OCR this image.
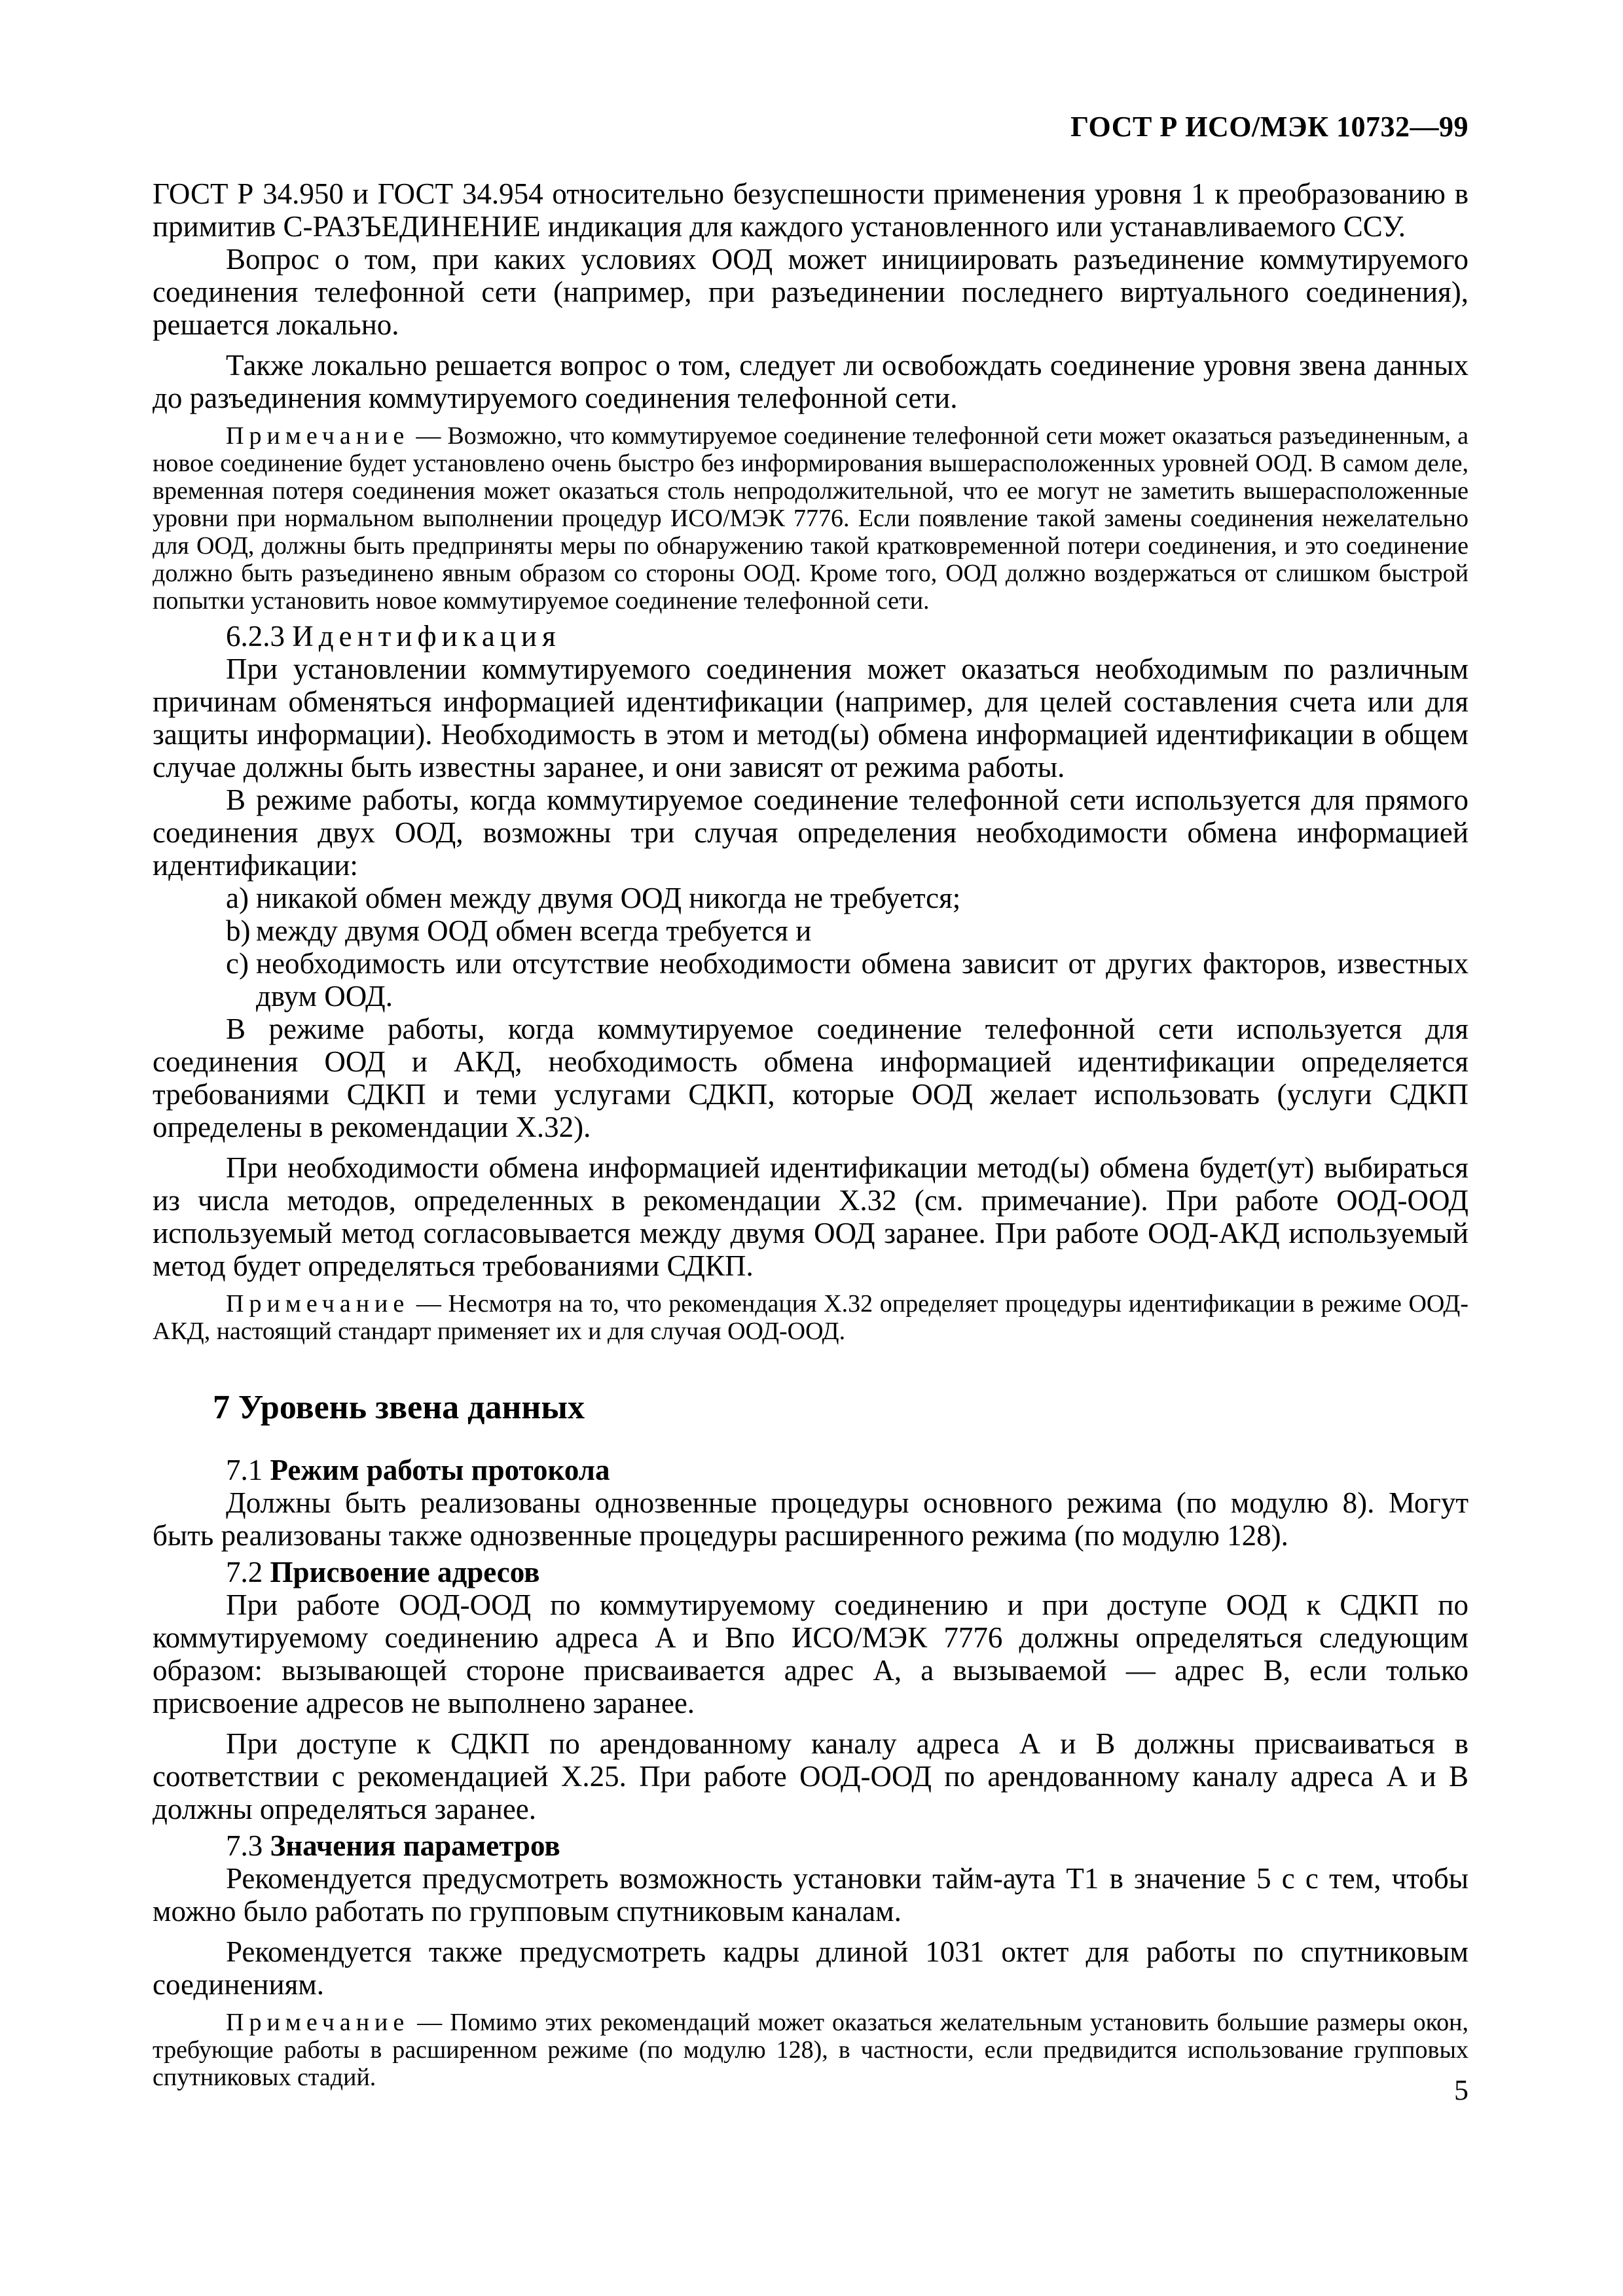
ГОСТ Р ИСО/МЭК 10732—99

ГОСТ Р 34.950 и ГОСТ 34.954 относительно безуспешности применения уровня 1 к преобразованию в примитив С-РАЗЪЕДИНЕНИЕ индикация для каждого установленного или устанавливаемого ССУ.

Вопрос о том, при каких условиях ООД может инициировать разъединение коммутируемого соединения телефонной сети (например, при разъединении последнего виртуального соединения), решается локально.

Также локально решается вопрос о том, следует ли освобождать соединение уровня звена данных до разъединения коммутируемого соединения телефонной сети.

Примечание — Возможно, что коммутируемое соединение телефонной сети может оказаться разъединенным, а новое соединение будет установлено очень быстро без информирования вышерасположенных уровней ООД. В самом деле, временная потеря соединения может оказаться столь непродолжительной, что ее могут не заметить вышерасположенные уровни при нормальном выполнении процедур ИСО/МЭК 7776. Если появление такой замены соединения нежелательно для ООД, должны быть предприняты меры по обнаружению такой кратковременной потери соединения, и это соединение должно быть разъединено явным образом со стороны ООД. Кроме того, ООД должно воздержаться от слишком быстрой попытки установить новое коммутируемое соединение телефонной сети.
6.2.3 Идентификация

При установлении коммутируемого соединения может оказаться необходимым по различным причинам обменяться информацией идентификации (например, для целей составления счета или для защиты информации). Необходимость в этом и метод(ы) обмена информацией идентификации в общем случае должны быть известны заранее, и они зависят от режима работы.

В режиме работы, когда коммутируемое соединение телефонной сети используется для прямого соединения двух ООД, возможны три случая определения необходимости обмена информацией идентификации:

a) никакой обмен между двумя ООД никогда не требуется;
b) между двумя ООД обмен всегда требуется и
c) необходимость или отсутствие необходимости обмена зависит от других факторов, известных двум ООД.

В режиме работы, когда коммутируемое соединение телефонной сети используется для соединения ООД и АКД, необходимость обмена информацией идентификации определяется требованиями СДКП и теми услугами СДКП, которые ООД желает использовать (услуги СДКП определены в рекомендации X.32).

При необходимости обмена информацией идентификации метод(ы) обмена будет(ут) выбираться из числа методов, определенных в рекомендации X.32 (см. примечание). При работе ООД-ООД используемый метод согласовывается между двумя ООД заранее. При работе ООД-АКД используемый метод будет определяться требованиями СДКП.

Примечание — Несмотря на то, что рекомендация X.32 определяет процедуры идентификации в режиме ООД-АКД, настоящий стандарт применяет их и для случая ООД-ООД.
7 Уровень звена данных
7.1 Режим работы протокола

Должны быть реализованы однозвенные процедуры основного режима (по модулю 8). Могут быть реализованы также однозвенные процедуры расширенного режима (по модулю 128).

7.2 Присвоение адресов

При работе ООД-ООД по коммутируемому соединению и при доступе ООД к СДКП по коммутируемому соединению адреса А и Впо ИСО/МЭК 7776 должны определяться следующим образом: вызывающей стороне присваивается адрес А, а вызываемой — адрес В, если только присвоение адресов не выполнено заранее.

При доступе к СДКП по арендованному каналу адреса А и В должны присваиваться в соответствии с рекомендацией X.25. При работе ООД-ООД по арендованному каналу адреса А и В должны определяться заранее.

7.3 Значения параметров

Рекомендуется предусмотреть возможность установки тайм-аута Т1 в значение 5 с с тем, чтобы можно было работать по групповым спутниковым каналам.

Рекомендуется также предусмотреть кадры длиной 1031 октет для работы по спутниковым соединениям.

Примечание — Помимо этих рекомендаций может оказаться желательным установить большие размеры окон, требующие работы в расширенном режиме (по модулю 128), в частности, если предвидится использование групповых спутниковых стадий.	5
